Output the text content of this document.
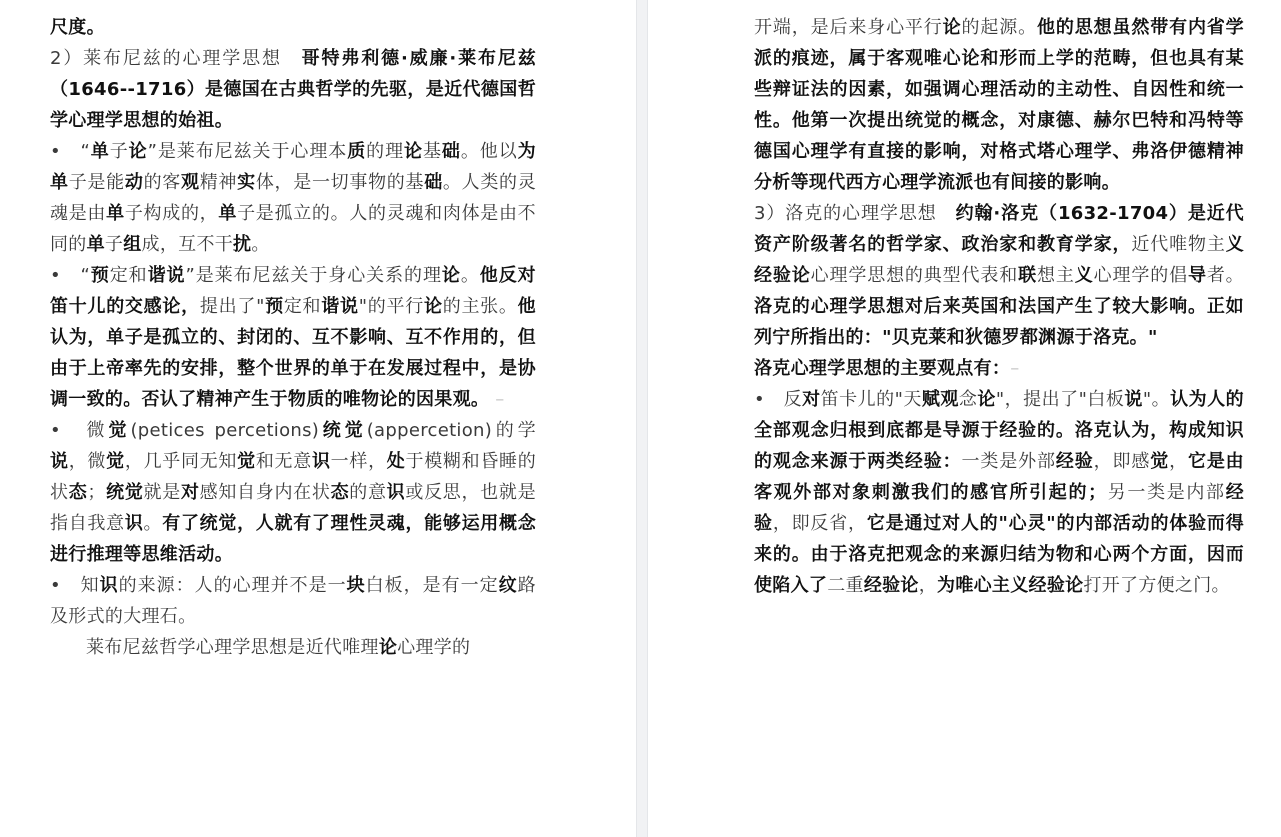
尺度。

2）莱布尼兹的心理学思想　哥特弗利德·威廉·莱布尼兹（1646--1716）是德国在古典哲学的先驱，是近代德国哲学心理学思想的始祖。

•　“单子论”是莱布尼兹关于心理本质的理论基础。他以为单子是能动的客观精神实体，是一切事物的基础。人类的灵魂是由单子构成的，单子是孤立的。人的灵魂和肉体是由不同的单子组成，互不干扰。

•　“预定和谐说”是莱布尼兹关于身心关系的理论。他反对笛十儿的交感论，提出了"预定和谐说"的平行论的主张。他认为，单子是孤立的、封闭的、互不影响、互不作用的，但由于上帝率先的安排，整个世界的单于在发展过程中，是协调一致的。否认了精神产生于物质的唯物论的因果观。 –

•　微觉(petices percetions)统觉(appercetion)的学说，微觉，几乎同无知觉和无意识一样，处于模糊和昏睡的状态；统觉就是对感知自身内在状态的意识或反思，也就是指自我意识。有了统觉，人就有了理性灵魂，能够运用概念进行推理等思维活动。

•　知识的来源：人的心理并不是一块白板，是有一定纹路及形式的大理石。

莱布尼兹哲学心理学思想是近代唯理论心理学的

开端，是后来身心平行论的起源。他的思想虽然带有内省学派的痕迹，属于客观唯心论和形而上学的范畴，但也具有某些辩证法的因素，如强调心理活动的主动性、自因性和统一性。他第一次提出统觉的概念，对康德、赫尔巴特和冯特等德国心理学有直接的影响，对格式塔心理学、弗洛伊德精神分析等现代西方心理学流派也有间接的影响。

3）洛克的心理学思想　约翰·洛克（1632-1704）是近代资产阶级著名的哲学家、政治家和教育学家，近代唯物主义经验论心理学思想的典型代表和联想主义心理学的倡导者。洛克的心理学思想对后来英国和法国产生了较大影响。正如列宁所指出的："贝克莱和狄德罗都渊源于洛克。"

洛克心理学思想的主要观点有：–

•　反对笛卡儿的"天赋观念论"，提出了"白板说"。认为人的全部观念归根到底都是导源于经验的。洛克认为，构成知识的观念来源于两类经验：一类是外部经验，即感觉，它是由客观外部对象刺激我们的感官所引起的；另一类是内部经验，即反省，它是通过对人的"心灵"的内部活动的体验而得来的。由于洛克把观念的来源归结为物和心两个方面，因而使陷入了二重经验论，为唯心主义经验论打开了方便之门。
